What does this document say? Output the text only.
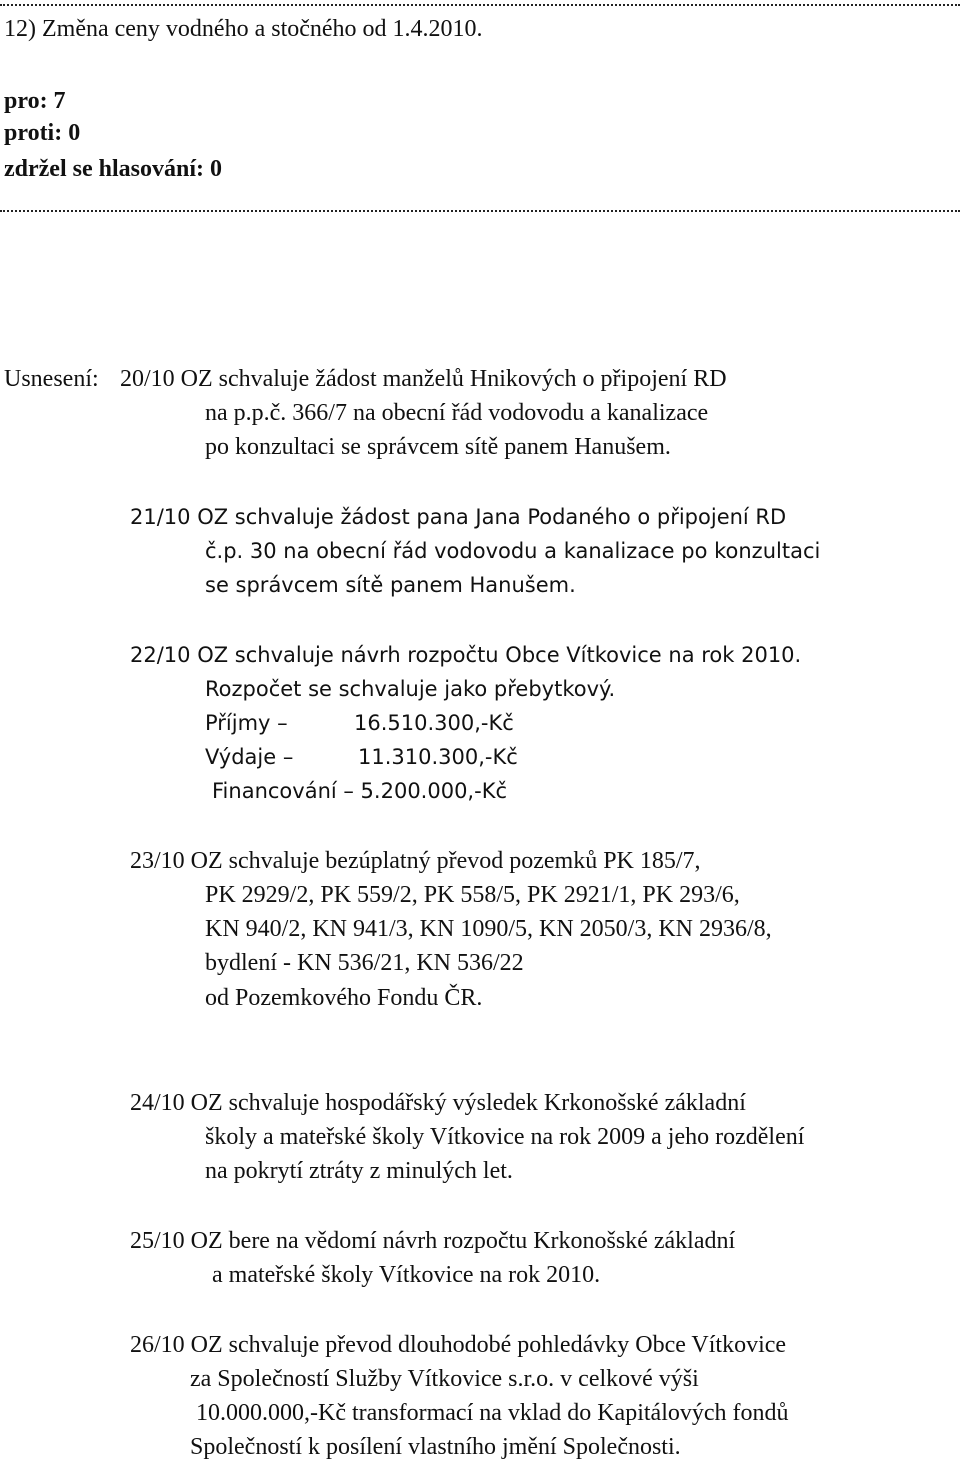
12) Změna ceny vodného a stočného od 1.4.2010.
pro: 7
proti: 0
zdržel se hlasování: 0
Usnesení: 20/10 OZ schvaluje žádost manželů Hnikových o připojení RD
na p.p.č. 366/7 na obecní řád vodovodu a kanalizace
po konzultaci se správcem sítě panem Hanušem.
21/10 OZ schvaluje žádost pana Jana Podaného o připojení RD
č.p. 30 na obecní řád vodovodu a kanalizace po konzultaci
se správcem sítě panem Hanušem.
22/10 OZ schvaluje návrh rozpočtu Obce Vítkovice na rok 2010.
Rozpočet se schvaluje jako přebytkový.
Příjmy –	16.510.300,-Kč
Výdaje –	11.310.300,-Kč
Financování – 5.200.000,-Kč
23/10 OZ schvaluje bezúplatný převod pozemků PK 185/7,
PK 2929/2, PK 559/2, PK 558/5, PK 2921/1, PK 293/6,
KN 940/2, KN 941/3, KN 1090/5, KN 2050/3, KN 2936/8,
bydlení - KN 536/21, KN 536/22
od Pozemkového Fondu ČR.
24/10 OZ schvaluje hospodářský výsledek Krkonošské základní
školy a mateřské školy Vítkovice na rok 2009 a jeho rozdělení
na pokrytí ztráty z minulých let.
25/10 OZ bere na vědomí návrh rozpočtu Krkonošské základní
a mateřské školy Vítkovice na rok 2010.
26/10 OZ schvaluje převod dlouhodobé pohledávky Obce Vítkovice
za Společností Služby Vítkovice s.r.o. v celkové výši
10.000.000,-Kč transformací na vklad do Kapitálových fondů
Společností k posílení vlastního jmění Společnosti.
